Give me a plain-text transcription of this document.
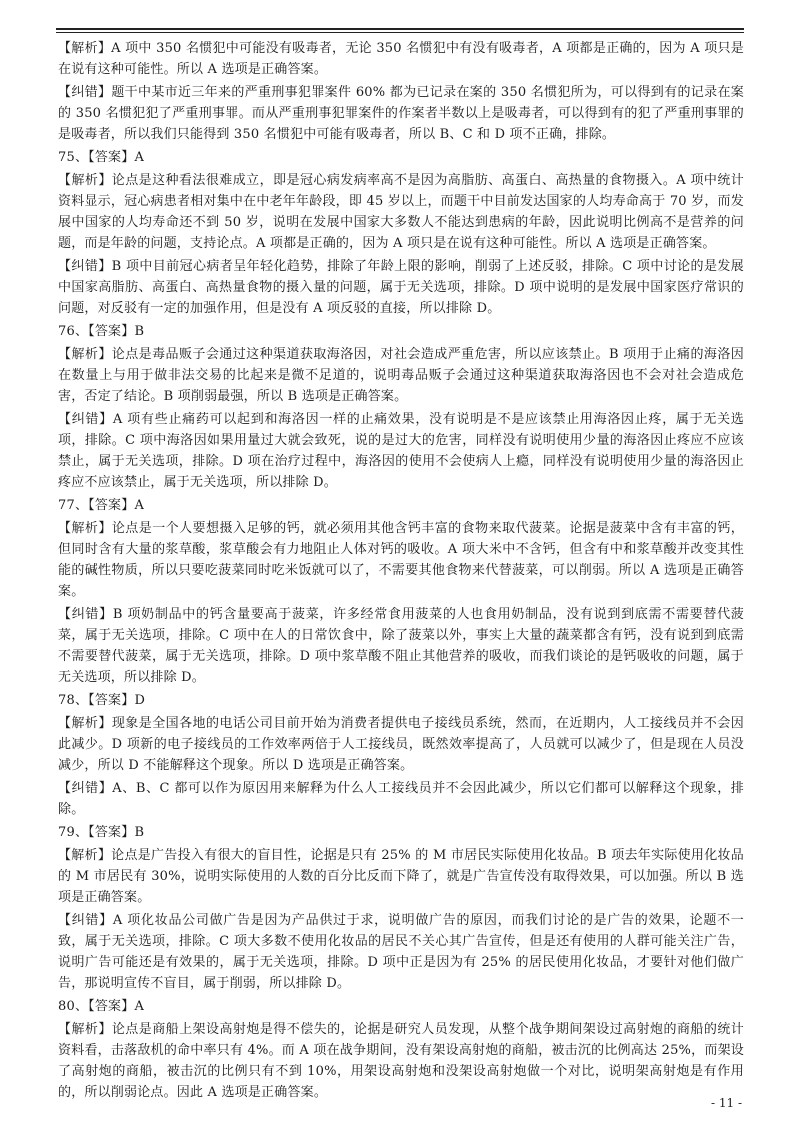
【解析】A 项中 350 名惯犯中可能没有吸毒者，无论 350 名惯犯中有没有吸毒者，A 项都是正确的，因为 A 项只是在说有这种可能性。所以 A 选项是正确答案。

【纠错】题干中某市近三年来的严重刑事犯罪案件 60% 都为已记录在案的 350 名惯犯所为，可以得到有的记录在案的 350 名惯犯犯了严重刑事罪。而从严重刑事犯罪案件的作案者半数以上是吸毒者，可以得到有的犯了严重刑事罪的是吸毒者，所以我们只能得到 350 名惯犯中可能有吸毒者，所以 B、C 和 D 项不正确，排除。

75、【答案】A

【解析】论点是这种看法很难成立，即是冠心病发病率高不是因为高脂肪、高蛋白、高热量的食物摄入。A 项中统计资料显示，冠心病患者相对集中在中老年年龄段，即 45 岁以上，而题干中目前发达国家的人均寿命高于 70 岁，而发展中国家的人均寿命还不到 50 岁，说明在发展中国家大多数人不能达到患病的年龄，因此说明比例高不是营养的问题，而是年龄的问题，支持论点。A 项都是正确的，因为 A 项只是在说有这种可能性。所以 A 选项是正确答案。

【纠错】B 项中目前冠心病者呈年轻化趋势，排除了年龄上限的影响，削弱了上述反驳，排除。C 项中讨论的是发展中国家高脂肪、高蛋白、高热量食物的摄入量的问题，属于无关选项，排除。D 项中说明的是发展中国家医疗常识的问题，对反驳有一定的加强作用，但是没有 A 项反驳的直接，所以排除 D。

76、【答案】B

【解析】论点是毒品贩子会通过这种渠道获取海洛因，对社会造成严重危害，所以应该禁止。B 项用于止痛的海洛因在数量上与用于做非法交易的比起来是微不足道的，说明毒品贩子会通过这种渠道获取海洛因也不会对社会造成危害，否定了结论。B 项削弱最强，所以 B 选项是正确答案。

【纠错】A 项有些止痛药可以起到和海洛因一样的止痛效果，没有说明是不是应该禁止用海洛因止疼，属于无关选项，排除。C 项中海洛因如果用量过大就会致死，说的是过大的危害，同样没有说明使用少量的海洛因止疼应不应该禁止，属于无关选项，排除。D 项在治疗过程中，海洛因的使用不会使病人上瘾，同样没有说明使用少量的海洛因止疼应不应该禁止，属于无关选项，所以排除 D。

77、【答案】A

【解析】论点是一个人要想摄入足够的钙，就必须用其他含钙丰富的食物来取代菠菜。论据是菠菜中含有丰富的钙，但同时含有大量的浆草酸，浆草酸会有力地阻止人体对钙的吸收。A 项大米中不含钙，但含有中和浆草酸并改变其性能的碱性物质，所以只要吃菠菜同时吃米饭就可以了，不需要其他食物来代替菠菜，可以削弱。所以 A 选项是正确答案。

【纠错】B 项奶制品中的钙含量要高于菠菜，许多经常食用菠菜的人也食用奶制品，没有说到到底需不需要替代菠菜，属于无关选项，排除。C 项中在人的日常饮食中，除了菠菜以外，事实上大量的蔬菜都含有钙，没有说到到底需不需要替代菠菜，属于无关选项，排除。D 项中浆草酸不阻止其他营养的吸收，而我们谈论的是钙吸收的问题，属于无关选项，所以排除 D。

78、【答案】D

【解析】现象是全国各地的电话公司目前开始为消费者提供电子接线员系统，然而，在近期内，人工接线员并不会因此减少。D 项新的电子接线员的工作效率两倍于人工接线员，既然效率提高了，人员就可以减少了，但是现在人员没减少，所以 D 不能解释这个现象。所以 D 选项是正确答案。

【纠错】A、B、C 都可以作为原因用来解释为什么人工接线员并不会因此减少，所以它们都可以解释这个现象，排除。

79、【答案】B

【解析】论点是广告投入有很大的盲目性，论据是只有 25% 的 M 市居民实际使用化妆品。B 项去年实际使用化妆品的 M 市居民有 30%，说明实际使用的人数的百分比反而下降了，就是广告宣传没有取得效果，可以加强。所以 B 选项是正确答案。

【纠错】A 项化妆品公司做广告是因为产品供过于求，说明做广告的原因，而我们讨论的是广告的效果，论题不一致，属于无关选项，排除。C 项大多数不使用化妆品的居民不关心其广告宣传，但是还有使用的人群可能关注广告，说明广告可能还是有效果的，属于无关选项，排除。D 项中正是因为有 25% 的居民使用化妆品，才要针对他们做广告，那说明宣传不盲目，属于削弱，所以排除 D。

80、【答案】A

【解析】论点是商船上架设高射炮是得不偿失的，论据是研究人员发现，从整个战争期间架设过高射炮的商船的统计资料看，击落敌机的命中率只有 4%。而 A 项在战争期间，没有架设高射炮的商船，被击沉的比例高达 25%，而架设了高射炮的商船，被击沉的比例只有不到 10%，用架设高射炮和没架设高射炮做一个对比，说明架高射炮是有作用的，所以削弱论点。因此 A 选项是正确答案。

- 11 -
